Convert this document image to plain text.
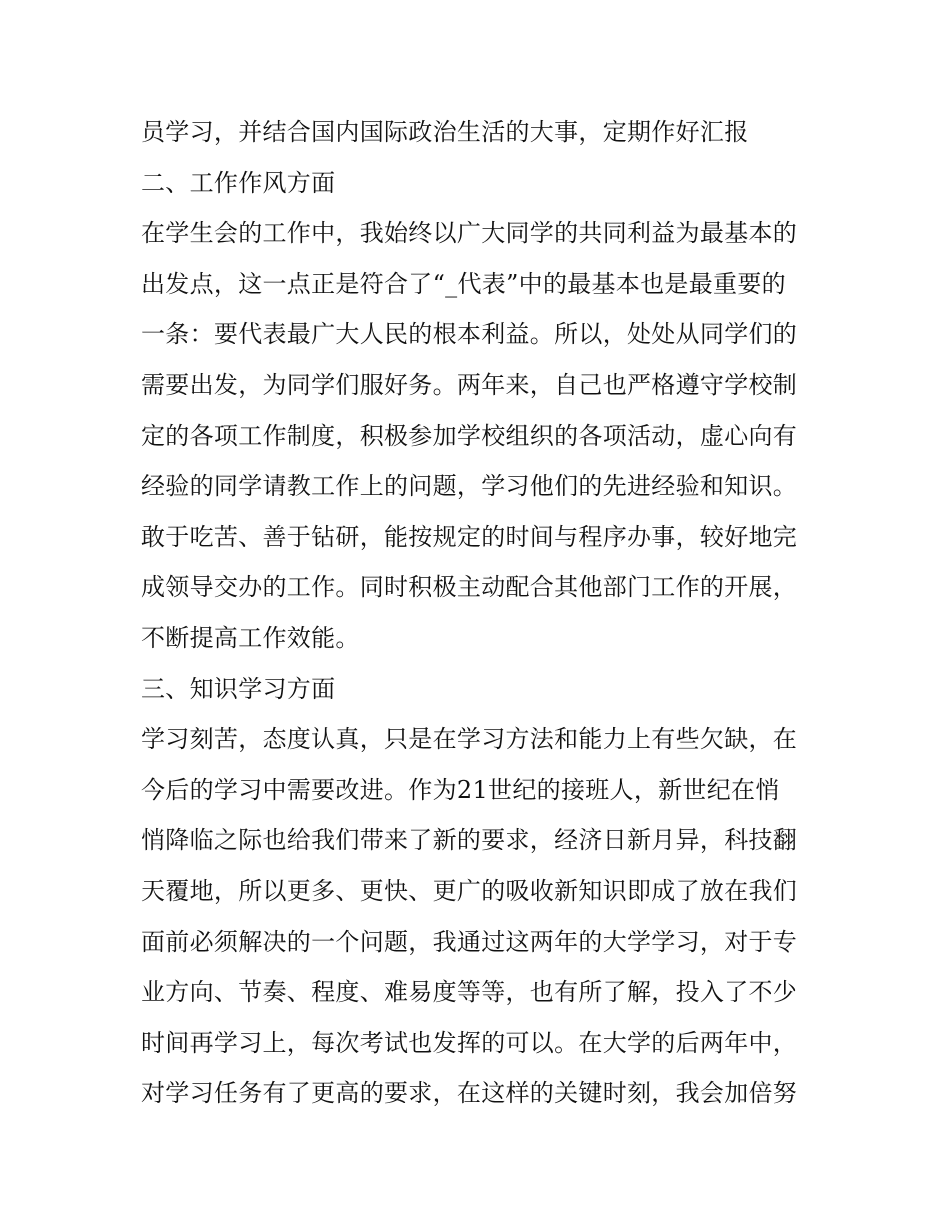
员学习，并结合国内国际政治生活的大事，定期作好汇报
二、工作作风方面
在学生会的工作中，我始终以广大同学的共同利益为最基本的
出发点，这一点正是符合了“_代表”中的最基本也是最重要的
一条：要代表最广大人民的根本利益。所以，处处从同学们的
需要出发，为同学们服好务。两年来，自己也严格遵守学校制
定的各项工作制度，积极参加学校组织的各项活动，虚心向有
经验的同学请教工作上的问题，学习他们的先进经验和知识。
敢于吃苦、善于钻研，能按规定的时间与程序办事，较好地完
成领导交办的工作。同时积极主动配合其他部门工作的开展，
不断提高工作效能。
三、知识学习方面
学习刻苦，态度认真，只是在学习方法和能力上有些欠缺，在
今后的学习中需要改进。作为21世纪的接班人，新世纪在悄
悄降临之际也给我们带来了新的要求，经济日新月异，科技翻
天覆地，所以更多、更快、更广的吸收新知识即成了放在我们
面前必须解决的一个问题，我通过这两年的大学学习，对于专
业方向、节奏、程度、难易度等等，也有所了解，投入了不少
时间再学习上，每次考试也发挥的可以。在大学的后两年中，
对学习任务有了更高的要求，在这样的关键时刻，我会加倍努
